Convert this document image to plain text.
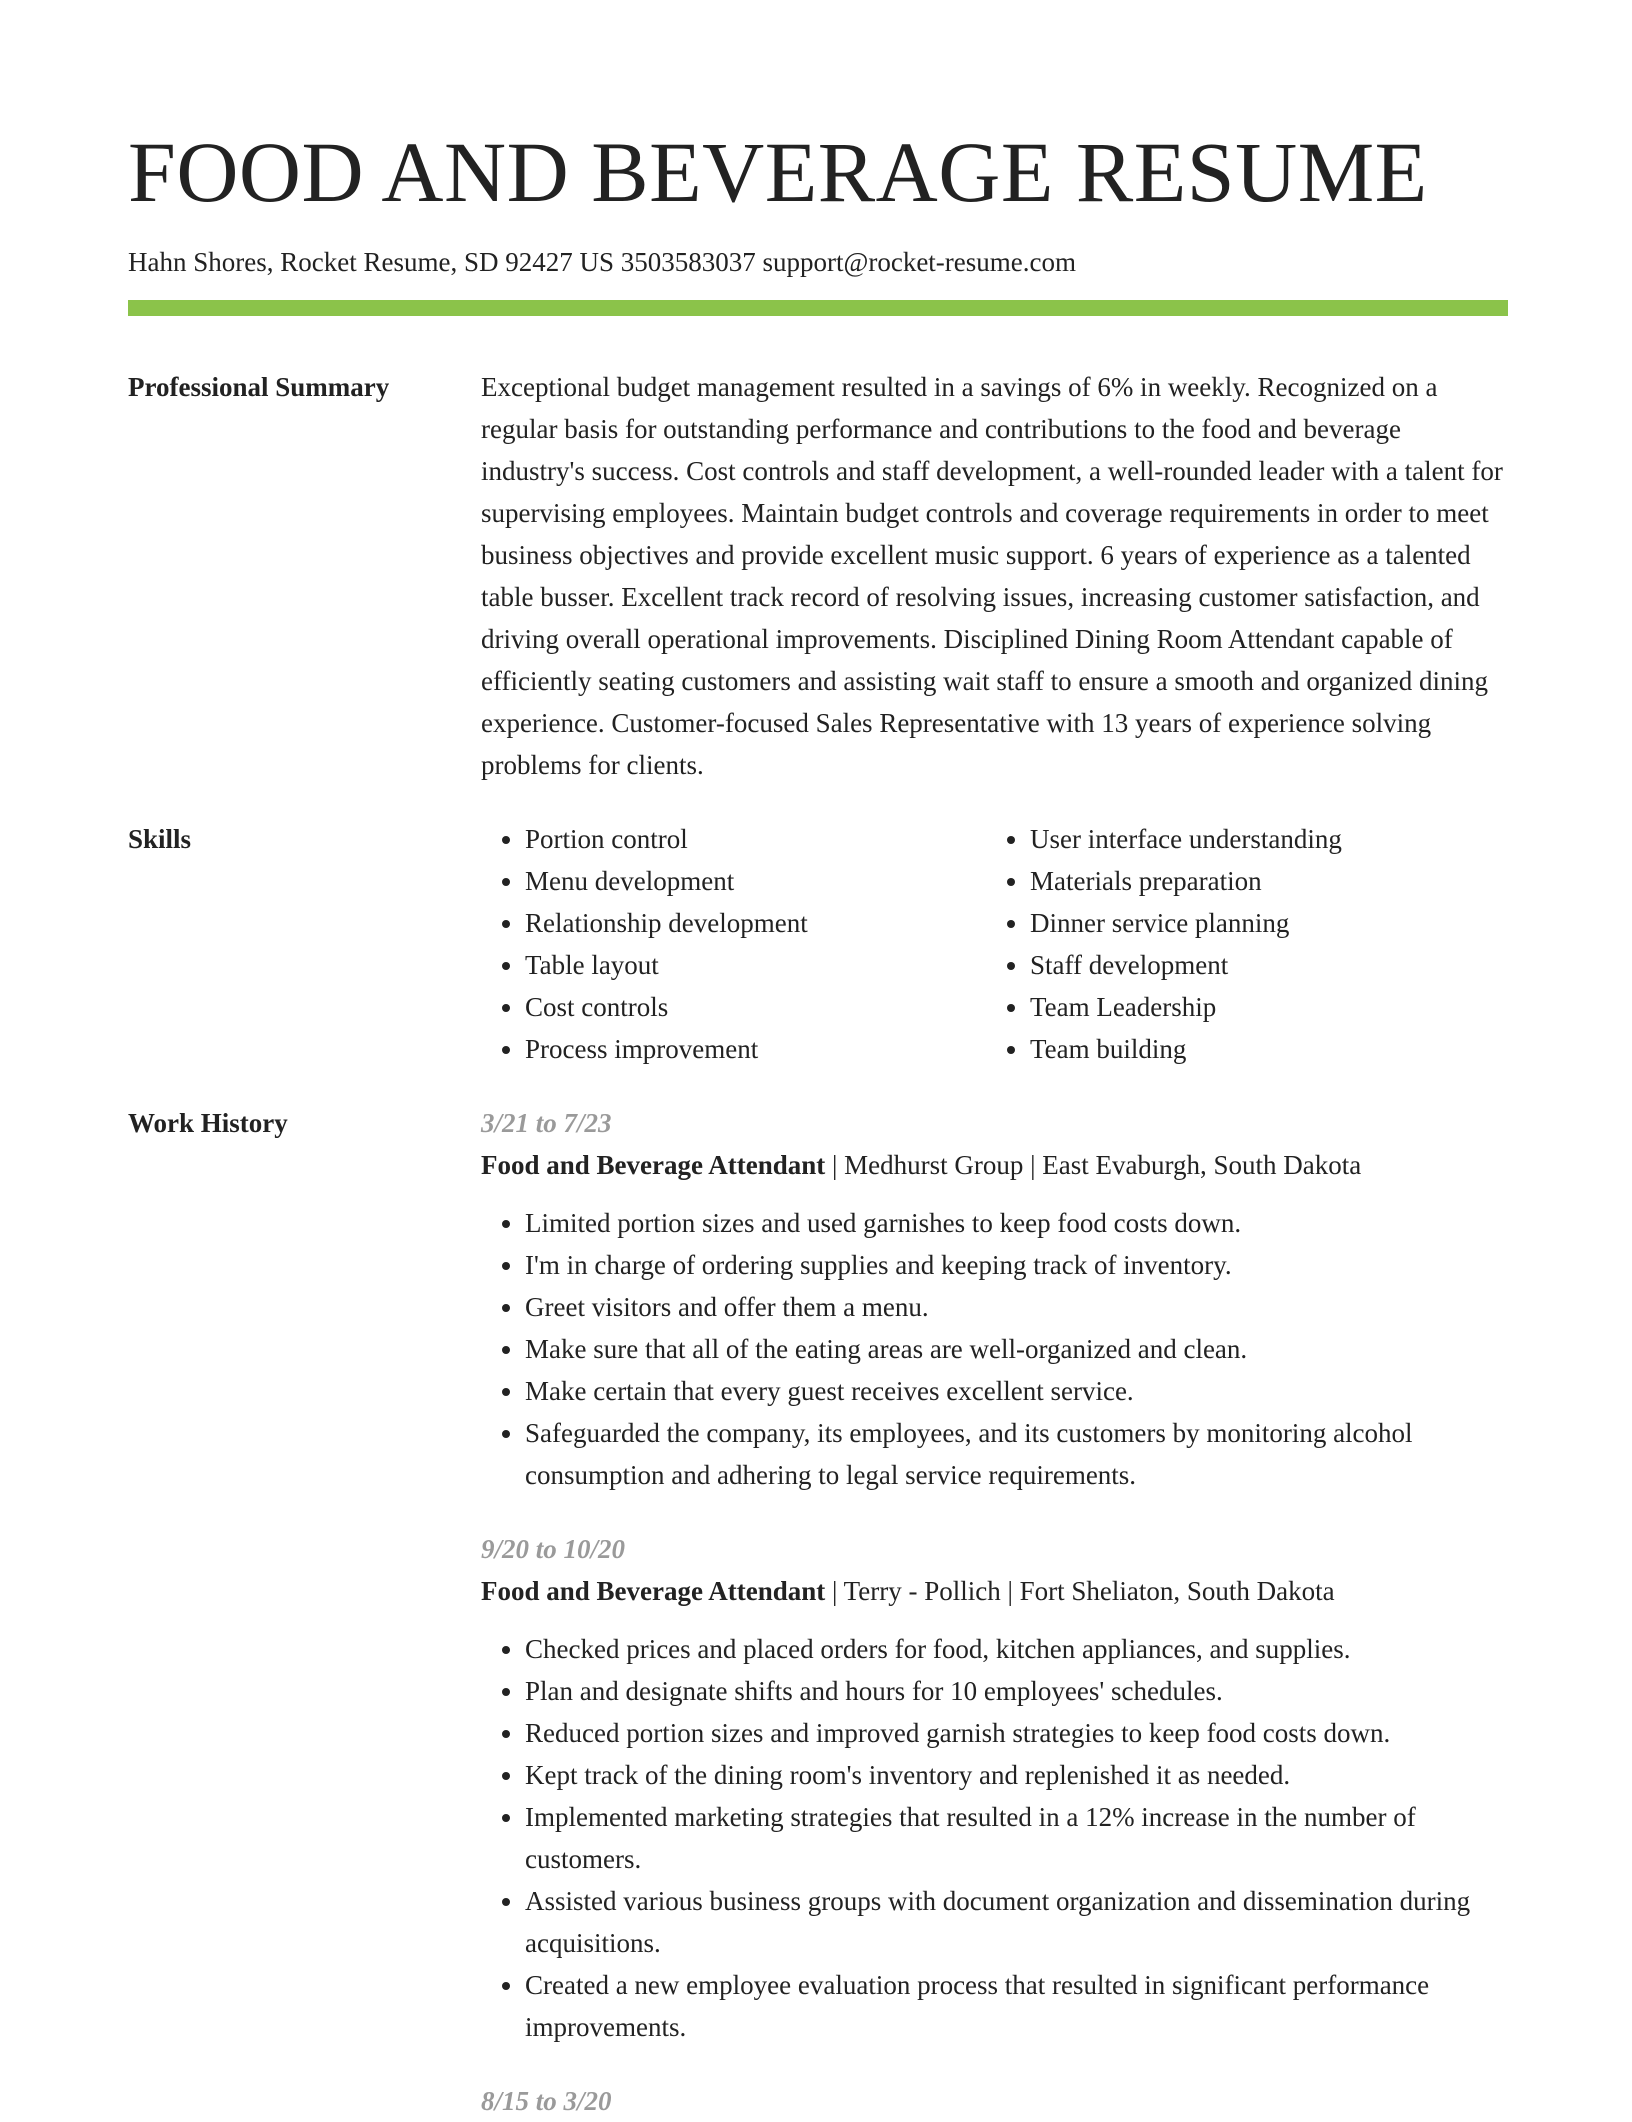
FOOD AND BEVERAGE RESUME
Hahn Shores, Rocket Resume, SD 92427 US 3503583037 support@rocket-resume.com
Professional Summary	Exceptional budget management resulted in a savings of 6% in weekly. Recognized on a regular basis for outstanding performance and contributions to the food and beverage industry's success. Cost controls and staff development, a well-rounded leader with a talent for supervising employees. Maintain budget controls and coverage requirements in order to meet business objectives and provide excellent music support. 6 years of experience as a talented table busser. Excellent track record of resolving issues, increasing customer satisfaction, and driving overall operational improvements. Disciplined Dining Room Attendant capable of efficiently seating customers and assisting wait staff to ensure a smooth and organized dining experience. Customer-focused Sales Representative with 13 years of experience solving problems for clients.

Skills
•	Portion control
• Menu development
• Relationship development
• Table layout
• Cost controls
• Process improvement
• User interface understanding
• Materials preparation
• Dinner service planning
• Staff development
• Team Leadership
• Team building
Work History	3/21 to 7/23
Food and Beverage Attendant | Medhurst Group | East Evaburgh, South Dakota
• Limited portion sizes and used garnishes to keep food costs down.
• I'm in charge of ordering supplies and keeping track of inventory.
• Greet visitors and offer them a menu.
• Make sure that all of the eating areas are well-organized and clean.
• Make certain that every guest receives excellent service.
• Safeguarded the company, its employees, and its customers by monitoring alcohol consumption and adhering to legal service requirements.
9/20 to 10/20
Food and Beverage Attendant | Terry - Pollich | Fort Sheliaton, South Dakota
• Checked prices and placed orders for food, kitchen appliances, and supplies.
• Plan and designate shifts and hours for 10 employees' schedules.
• Reduced portion sizes and improved garnish strategies to keep food costs down.
• Kept track of the dining room's inventory and replenished it as needed.
• Implemented marketing strategies that resulted in a 12% increase in the number of customers.
• Assisted various business groups with document organization and dissemination during acquisitions.
• Created a new employee evaluation process that resulted in significant performance improvements.
8/15 to 3/20
